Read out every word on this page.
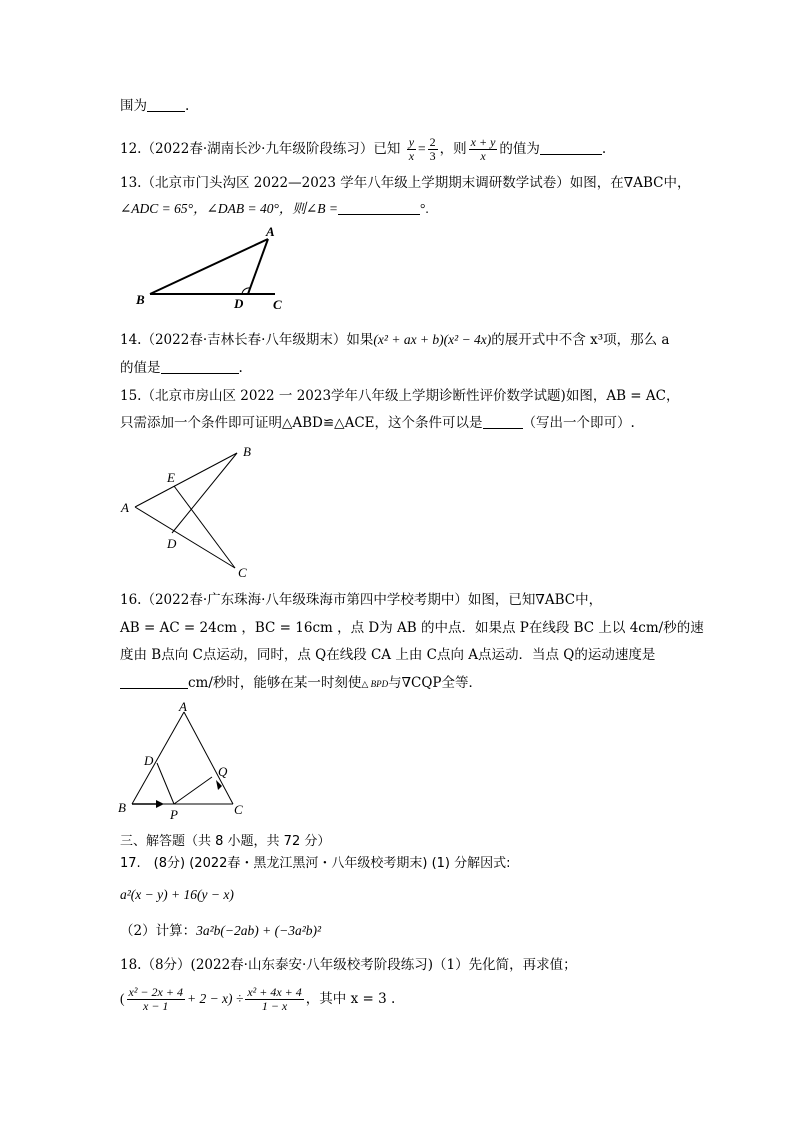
围为	.
12.（2022春·湖南长沙·九年级阶段练习）已知 $\frac{y}{x} = \frac{2}{3}$ ，则 $\frac{x + y}{x}$ 的值为	.
13.（北京市门头沟区 2022—2023 学年八年级上学期期末调研数学试卷）如图，在∇ABC中，
∠ADC = 65°，∠DAB = 40°，则∠B =	°.
A
B	D C
14.（2022春·吉林长春·八年级期末）如果(x² + ax + b)(x² − 4x)的展开式中不含 x³项，那么 a
的值是	.
15.（北京市房山区 2022 一 2023学年八年级上学期诊断性评价数学试题)如图，AB = AC，
只需添加一个条件即可证明△ABD≌△ACE，这个条件可以是	（写出一个即可）.
E
B
A
D
C
16.（2022春·广东珠海·八年级珠海市第四中学校考期中）如图，已知∇ABC中，
AB = AC = 24cm ，BC = 16cm ，点 D为 AB 的中点．如果点 P在线段 BC 上以 4cm/秒的速
度由 B点向 C点运动，同时，点 Q在线段 CA 上由 C点向 A点运动．当点 Q的运动速度是
cm/秒时，能够在某一时刻使△ BPD与∇CQP全等．
A
D
Q
B	P	C
三、解答题（共 8 小题，共 72 分）
17.　(8分) (2022春・黑龙江黑河・八年级校考期末) (1) 分解因式:
a²(x − y) + 16(y − x)
（2）计算：3a²b(−2ab) + (−3a²b)²
18.（8分）(2022春·山东泰安·八年级校考阶段练习)（1）先化简，再求值；
( $\frac{\text{x² − 2x + 4}}{x - 1} + 2 - x) \div \frac{\text{x² + 4x + 4}}{1 - x}$ ，其中 x = 3 .
